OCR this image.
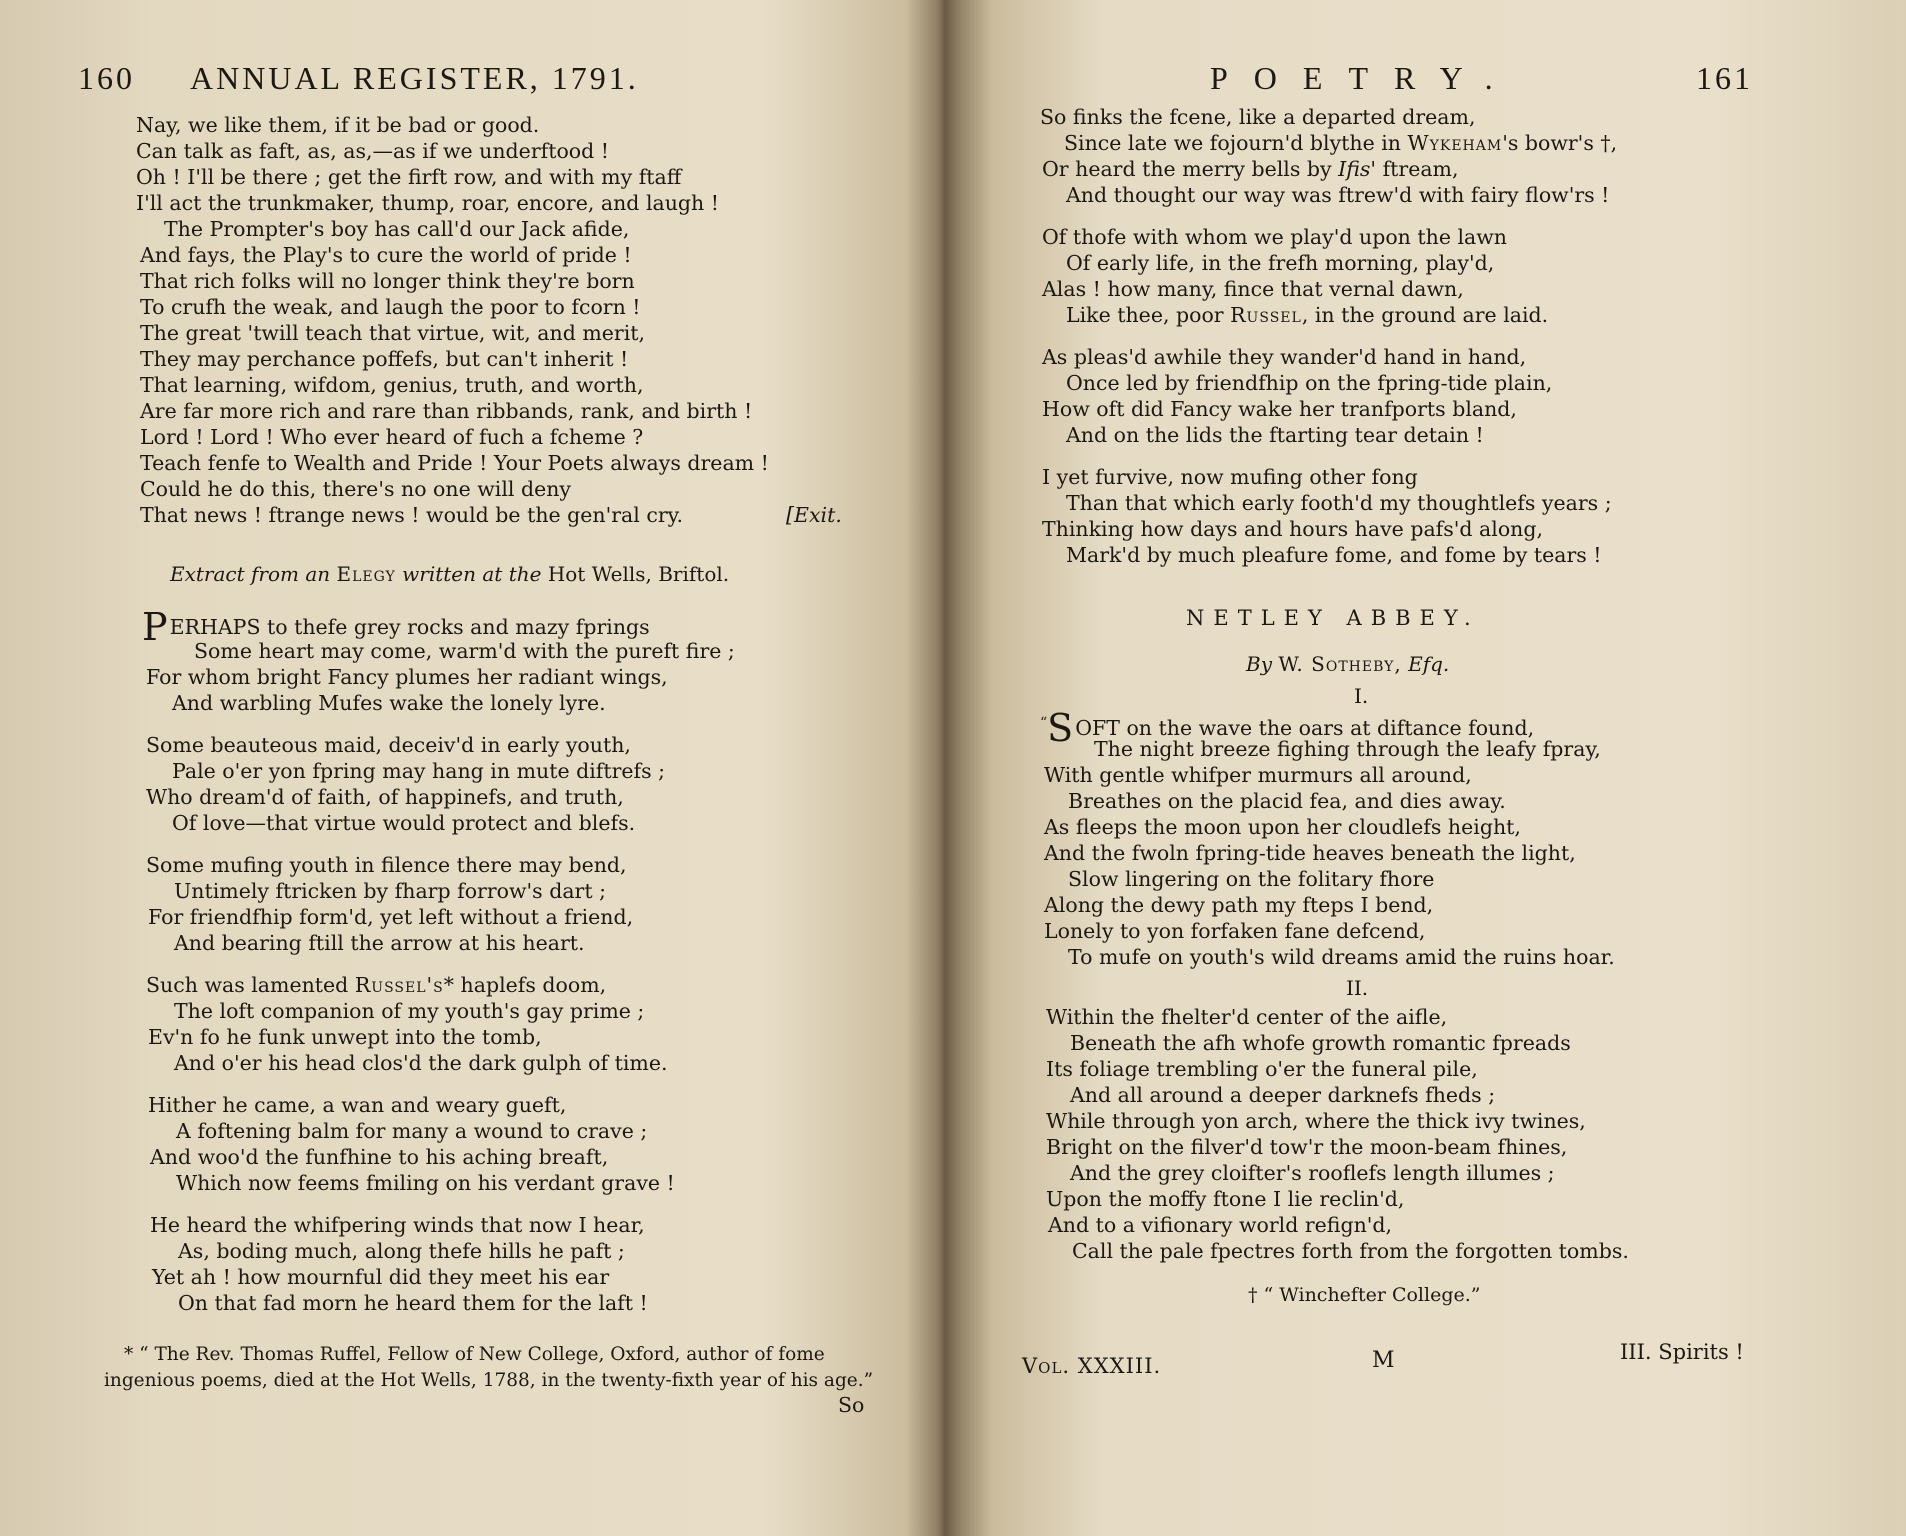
160 ANNUAL REGISTER, 1791.
Nay, we like them, if it be bad or good.
Can talk as faft, as, as,—as if we underftood !
Oh ! I'll be there ; get the firft row, and with my ftaff
I'll act the trunkmaker, thump, roar, encore, and laugh !
The Prompter's boy has call'd our Jack afide,
And fays, the Play's to cure the world of pride !
That rich folks will no longer think they're born
To crufh the weak, and laugh the poor to fcorn !
The great 'twill teach that virtue, wit, and merit,
They may perchance poffefs, but can't inherit !
That learning, wifdom, genius, truth, and worth,
Are far more rich and rare than ribbands, rank, and birth !
Lord ! Lord ! Who ever heard of fuch a fcheme ?
Teach fenfe to Wealth and Pride ! Your Poets always dream !
Could he do this, there's no one will deny
That news ! ftrange news ! would be the gen'ral cry.	[Exit.
Extract from an Elegy written at the Hot Wells, Briftol.
PERHAPS to thefe grey rocks and mazy fprings
Some heart may come, warm'd with the pureft fire ;
For whom bright Fancy plumes her radiant wings,
And warbling Mufes wake the lonely lyre.
Some beauteous maid, deceiv'd in early youth,
Pale o'er yon fpring may hang in mute diftrefs ;
Who dream'd of faith, of happinefs, and truth,
Of love—that virtue would protect and blefs.
Some mufing youth in filence there may bend,
Untimely ftricken by fharp forrow's dart ;
For friendfhip form'd, yet left without a friend,
And bearing ftill the arrow at his heart.
Such was lamented Russel's* haplefs doom,
The loft companion of my youth's gay prime ;
Ev'n fo he funk unwept into the tomb,
And o'er his head clos'd the dark gulph of time.
Hither he came, a wan and weary gueft,
A foftening balm for many a wound to crave ;
And woo'd the funfhine to his aching breaft,
Which now feems fmiling on his verdant grave !
He heard the whifpering winds that now I hear,
As, boding much, along thefe hills he paft ;
Yet ah ! how mournful did they meet his ear
On that fad morn he heard them for the laft !
* “ The Rev. Thomas Ruffel, Fellow of New College, Oxford, author of fome
ingenious poems, died at the Hot Wells, 1788, in the twenty-fixth year of his age.”
So
POETRY.	161
So finks the fcene, like a departed dream,
Since late we fojourn'd blythe in Wykeham's bowr's †,
Or heard the merry bells by Ifis' ftream,
And thought our way was ftrew'd with fairy flow'rs !
Of thofe with whom we play'd upon the lawn
Of early life, in the frefh morning, play'd,
Alas ! how many, fince that vernal dawn,
Like thee, poor Russel, in the ground are laid.
As pleas'd awhile they wander'd hand in hand,
Once led by friendfhip on the fpring-tide plain,
How oft did Fancy wake her tranfports bland,
And on the lids the ftarting tear detain !
I yet furvive, now mufing other fong
Than that which early footh'd my thoughtlefs years ;
Thinking how days and hours have pafs'd along,
Mark'd by much pleafure fome, and fome by tears !
NETLEY ABBEY.
By W. Sotheby, Efq.
I.
“SOFT on the wave the oars at diftance found,
The night breeze fighing through the leafy fpray,
With gentle whifper murmurs all around,
Breathes on the placid fea, and dies away.
As fleeps the moon upon her cloudlefs height,
And the fwoln fpring-tide heaves beneath the light,
Slow lingering on the folitary fhore
Along the dewy path my fteps I bend,
Lonely to yon forfaken fane defcend,
To mufe on youth's wild dreams amid the ruins hoar.
II.
Within the fhelter'd center of the aifle,
Beneath the afh whofe growth romantic fpreads
Its foliage trembling o'er the funeral pile,
And all around a deeper darknefs fheds ;
While through yon arch, where the thick ivy twines,
Bright on the filver'd tow'r the moon-beam fhines,
And the grey cloifter's rooflefs length illumes ;
Upon the moffy ftone I lie reclin'd,
And to a vifionary world refign'd,
Call the pale fpectres forth from the forgotten tombs.
† “ Winchefter College.”
Vol. XXXIII.	M	III. Spirits !
